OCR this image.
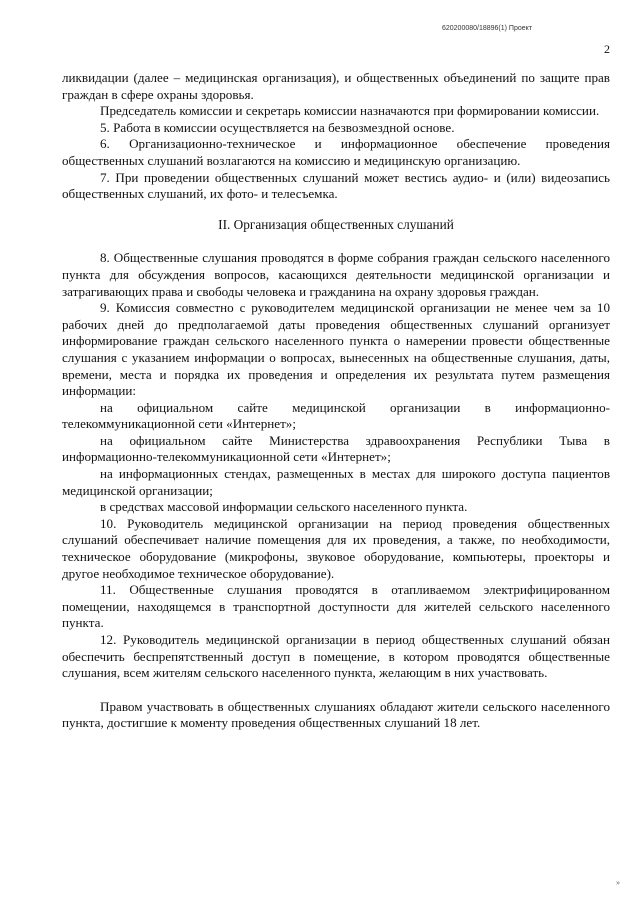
620200080/18896(1) Проект
2

ликвидации (далее – медицинская организация), и общественных объединений по защите прав граждан в сфере охраны здоровья.

Председатель комиссии и секретарь комиссии назначаются при формировании комиссии.

5. Работа в комиссии осуществляется на безвозмездной основе.

6. Организационно-техническое и информационное обеспечение проведения общественных слушаний возлагаются на комиссию и медицинскую организацию.

7. При проведении общественных слушаний может вестись аудио- и (или) видеозапись общественных слушаний, их фото- и телесъемка.

II. Организация общественных слушаний

8. Общественные слушания проводятся в форме собрания граждан сельского населенного пункта для обсуждения вопросов, касающихся деятельности медицинской организации и затрагивающих права и свободы человека и гражданина на охрану здоровья граждан.

9. Комиссия совместно с руководителем медицинской организации не менее чем за 10 рабочих дней до предполагаемой даты проведения общественных слушаний организует информирование граждан сельского населенного пункта о намерении провести общественные слушания с указанием информации о вопросах, вынесенных на общественные слушания, даты, времени, места и порядка их проведения и определения их результата путем размещения информации:

на официальном сайте медицинской организации в информационно-телекоммуникационной сети «Интернет»;

на официальном сайте Министерства здравоохранения Республики Тыва в информационно-телекоммуникационной сети «Интернет»;

на информационных стендах, размещенных в местах для широкого доступа пациентов медицинской организации;

в средствах массовой информации сельского населенного пункта.

10. Руководитель медицинской организации на период проведения общественных слушаний обеспечивает наличие помещения для их проведения, а также, по необходимости, техническое оборудование (микрофоны, звуковое оборудование, компьютеры, проекторы и другое необходимое техническое оборудование).

11. Общественные слушания проводятся в отапливаемом электрифицированном помещении, находящемся в транспортной доступности для жителей сельского населенного пункта.

12. Руководитель медицинской организации в период общественных слушаний обязан обеспечить беспрепятственный доступ в помещение, в котором проводятся общественные слушания, всем жителям сельского населенного пункта, желающим в них участвовать.

Правом участвовать в общественных слушаниях обладают жители сельского населенного пункта, достигшие к моменту проведения общественных слушаний 18 лет.

»
